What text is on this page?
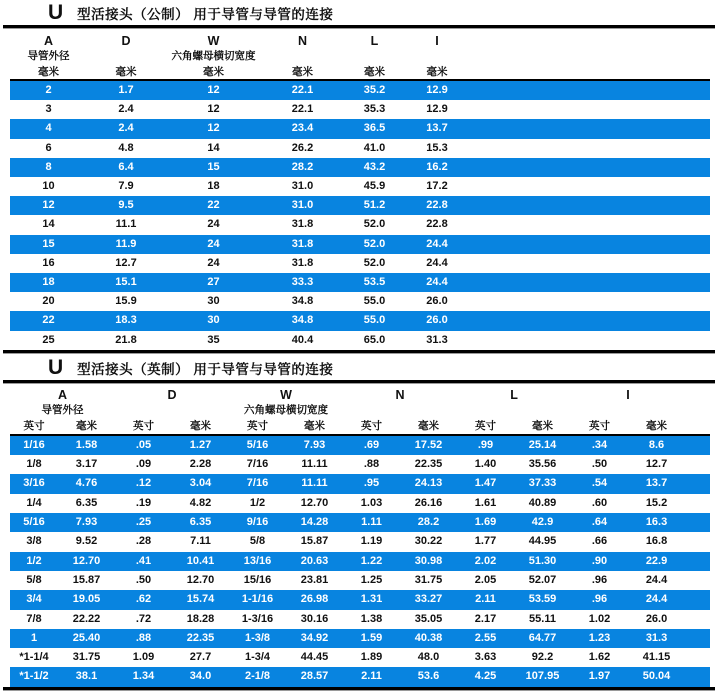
U 型活接头（公制） 用于导管与导管的连接
A	D	W	N	L	I	
导管外径		六角螺母横切宽度				
毫米	毫米	毫米	毫米	毫米	毫米	
2	1.7	12	22.1	35.2	12.9	
3	2.4	12	22.1	35.3	12.9	
4	2.4	12	23.4	36.5	13.7	
6	4.8	14	26.2	41.0	15.3	
8	6.4	15	28.2	43.2	16.2	
10	7.9	18	31.0	45.9	17.2	
12	9.5	22	31.0	51.2	22.8	
14	11.1	24	31.8	52.0	22.8	
15	11.9	24	31.8	52.0	24.4	
16	12.7	24	31.8	52.0	24.4	
18	15.1	27	33.3	53.5	24.4	
20	15.9	30	34.8	55.0	26.0	
22	18.3	30	34.8	55.0	26.0	
25	21.8	35	40.4	65.0	31.3	
U 型活接头（英制） 用于导管与导管的连接
A		D		W		N		L		I		
导管外径				六角螺母横切宽度								
英寸	毫米	英寸	毫米	英寸	毫米	英寸	毫米	英寸	毫米	英寸	毫米	
1/16	1.58	.05	1.27	5/16	7.93	.69	17.52	.99	25.14	.34	8.6	
1/8	3.17	.09	2.28	7/16	11.11	.88	22.35	1.40	35.56	.50	12.7	
3/16	4.76	.12	3.04	7/16	11.11	.95	24.13	1.47	37.33	.54	13.7	
1/4	6.35	.19	4.82	1/2	12.70	1.03	26.16	1.61	40.89	.60	15.2	
5/16	7.93	.25	6.35	9/16	14.28	1.11	28.2	1.69	42.9	.64	16.3	
3/8	9.52	.28	7.11	5/8	15.87	1.19	30.22	1.77	44.95	.66	16.8	
1/2	12.70	.41	10.41	13/16	20.63	1.22	30.98	2.02	51.30	.90	22.9	
5/8	15.87	.50	12.70	15/16	23.81	1.25	31.75	2.05	52.07	.96	24.4	
3/4	19.05	.62	15.74	1-1/16	26.98	1.31	33.27	2.11	53.59	.96	24.4	
7/8	22.22	.72	18.28	1-3/16	30.16	1.38	35.05	2.17	55.11	1.02	26.0	
1	25.40	.88	22.35	1-3/8	34.92	1.59	40.38	2.55	64.77	1.23	31.3	
*1-1/4	31.75	1.09	27.7	1-3/4	44.45	1.89	48.0	3.63	92.2	1.62	41.15	
*1-1/2	38.1	1.34	34.0	2-1/8	28.57	2.11	53.6	4.25	107.95	1.97	50.04	
